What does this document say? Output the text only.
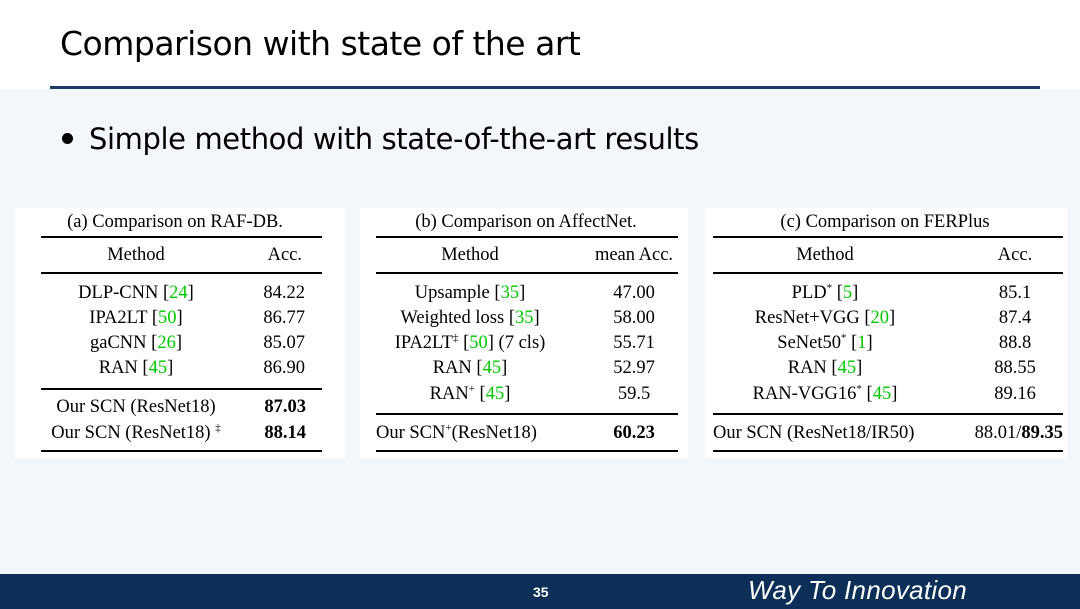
Comparison with state of the art
Simple method with state-of-the-art results
(a) Comparison on RAF-DB.
Method	Acc.
DLP-CNN [24]	84.22
IPA2LT [50]	86.77
gaCNN [26]	85.07
RAN [45]	86.90
Our SCN (ResNet18)	87.03
Our SCN (ResNet18) ‡ 88.14
(b) Comparison on AffectNet.
Method	mean Acc.
Upsample [35]	47.00
Weighted loss [35]	58.00
IPA2LT‡ [50] (7 cls)	55.71
RAN [45]	52.97
RAN+ [45]	59.5
Our SCN+(ResNet18)	60.23
(c) Comparison on FERPlus
Method	Acc.
PLD* [5]	85.1
ResNet+VGG [20]	87.4
SeNet50* [1]	88.8
RAN [45]	88.55
RAN-VGG16* [45]	89.16
Our SCN (ResNet18/IR50)	88.01/89.35
35	Way To Innovation
